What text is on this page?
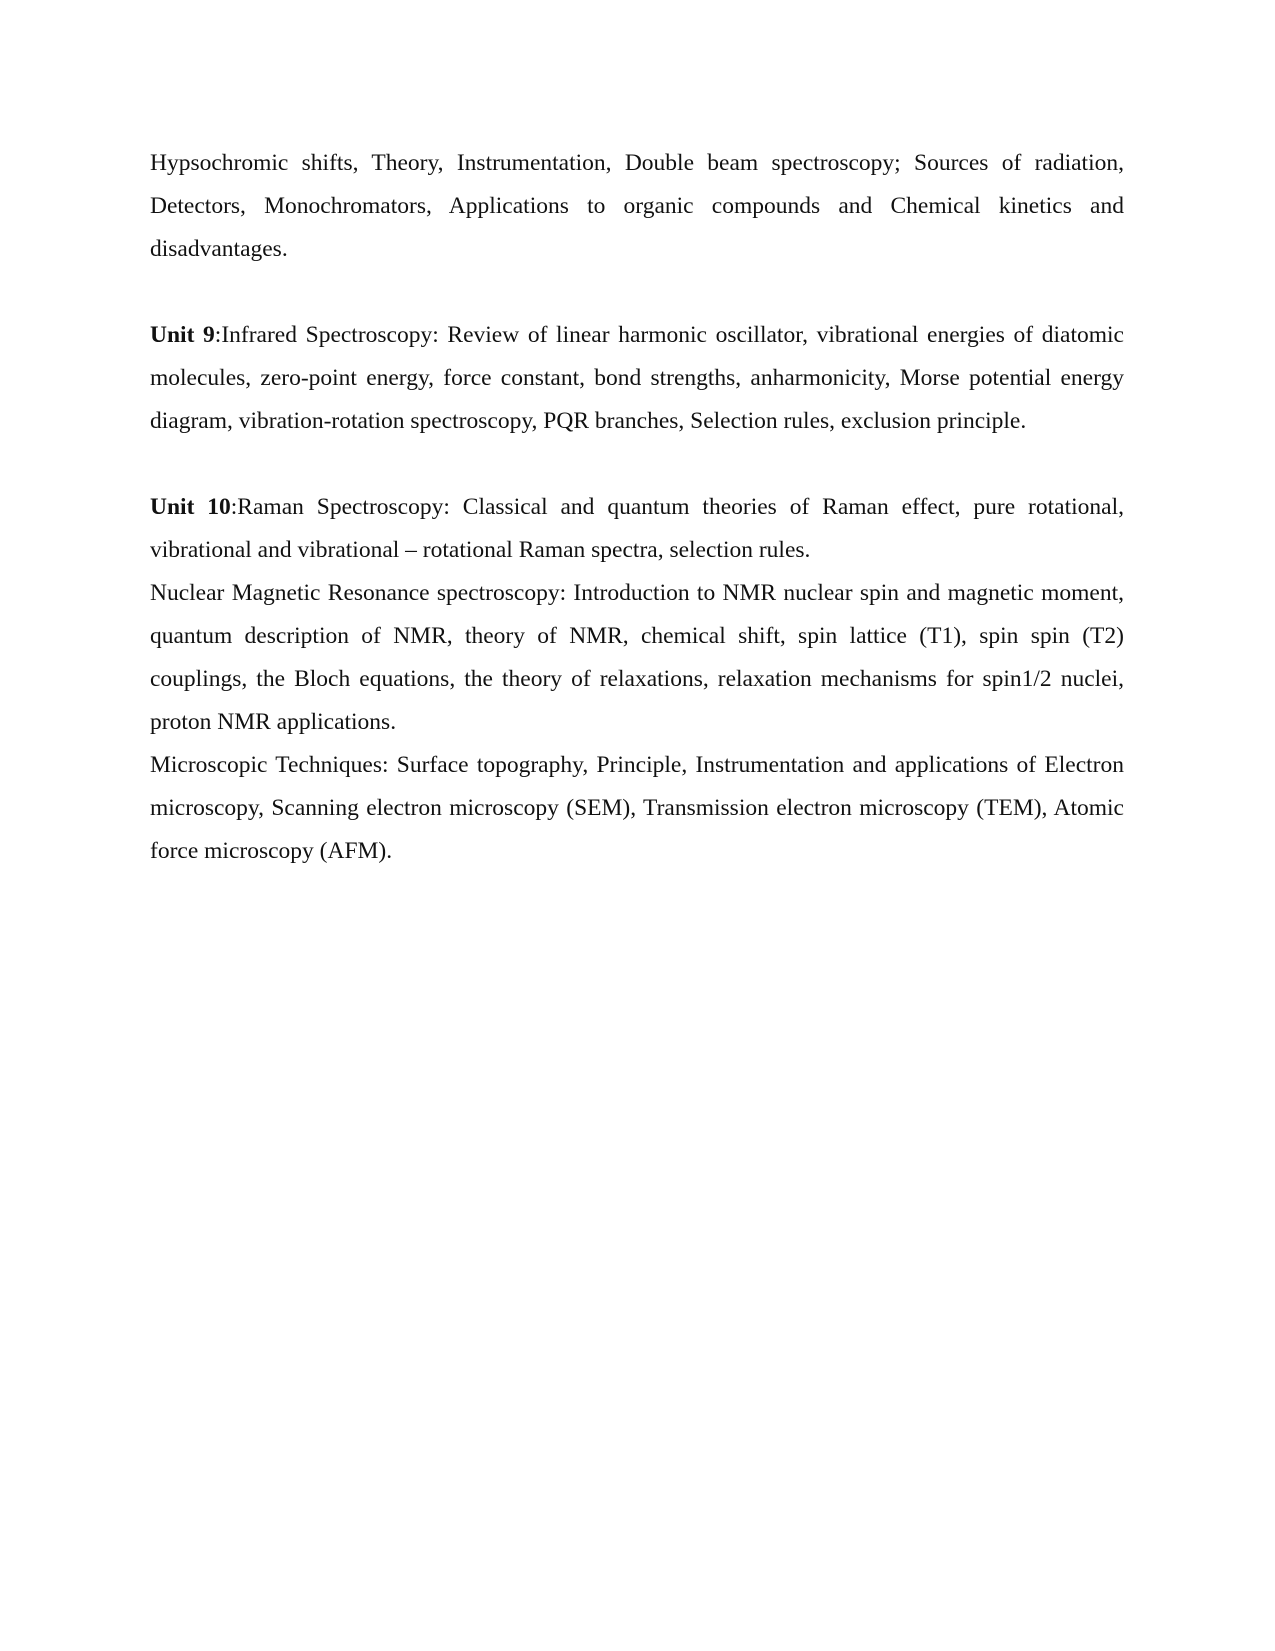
Hypsochromic shifts, Theory, Instrumentation, Double beam spectroscopy; Sources of radiation, Detectors, Monochromators, Applications to organic compounds and Chemical kinetics and disadvantages.

Unit 9:Infrared Spectroscopy: Review of linear harmonic oscillator, vibrational energies of diatomic molecules, zero-point energy, force constant, bond strengths, anharmonicity, Morse potential energy diagram, vibration-rotation spectroscopy, PQR branches, Selection rules, exclusion principle.

Unit 10:Raman Spectroscopy: Classical and quantum theories of Raman effect, pure rotational, vibrational and vibrational – rotational Raman spectra, selection rules.

Nuclear Magnetic Resonance spectroscopy: Introduction to NMR nuclear spin and magnetic moment, quantum description of NMR, theory of NMR, chemical shift, spin lattice (T1), spin spin (T2) couplings, the Bloch equations, the theory of relaxations, relaxation mechanisms for spin1/2 nuclei, proton NMR applications.

Microscopic Techniques: Surface topography, Principle, Instrumentation and applications of Electron microscopy, Scanning electron microscopy (SEM), Transmission electron microscopy (TEM), Atomic force microscopy (AFM).
